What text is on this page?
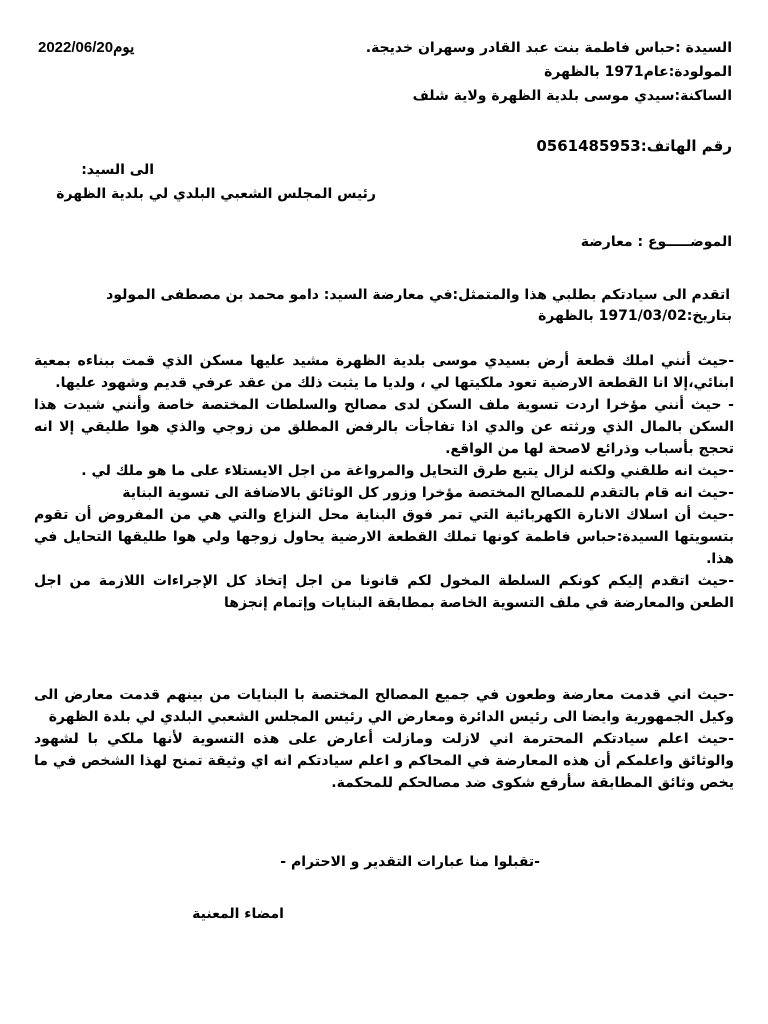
السيدة :حباس فاطمة بنت عبد القادر وسهران خديجة.
2022/06/20يوم
المولودة:عام1971 بالظهرة
الساكنة:سيدي موسى بلدية الظهرة ولاية شلف
رقم الهاتف:0561485953
الى السيد:
رئيس المجلس الشعبي البلدي لي بلدية الظهرة
الموضـــــوع : معارضة
اتقدم الى سيادتكم بطلبي هذا والمتمثل:في معارضة السيد: دامو محمد بن مصطفى المولود
بتاريخ:1971/03/02 بالظهرة

-حيث أنني املك قطعة أرض بسيدي موسى بلدية الظهرة مشيد عليها مسكن الذي قمت ببناءه بمعية ابنائي،إلا انا القطعة الارضية تعود ملكيتها لي ، ولديا ما يثبت ذلك من عقد عرفي قديم وشهود عليها.

- حيث أنني مؤخرا اردت تسوية ملف السكن لدى مصالح والسلطات المختصة خاصة وأنني شيدت هذا السكن بالمال الذي ورثته عن والدي اذا تفاجأت بالرفض المطلق من زوجي والذي هوا طليقي إلا انه تحجج بأسباب وذرائع لاصحة لها من الواقع.

-حيث انه طلقني ولكنه لزال يتبع طرق التحايل والمروا‌غة من اجل الايستلاء على ما هو ملك لي .

-حيث انه قام بالتقدم للمصالح المختصة مؤخرا وزور كل الوثائق بالاضافة الى تسوية البناية

-حيث أن اسلاك الانارة الكهربائية التي تمر فوق البناية محل النزاع والتي هي من المفروض أن تقوم بتسويتها السيدة:حباس فاطمة كونها تملك القطعة الارضية يحاول زوجها ولي هوا طليقها التحايل في هذا.

-حيث اتقدم إليكم كونكم السلطة المخول لكم قانونا من اجل إتخاذ كل الإجراءات اللازمة من اجل الطعن والمعارضة في ملف التسوية الخاصة بمطابقة البنايات وإتمام إنجزها

-حيث اني قدمت معارضة وطعون في جميع المصالح المختصة با البنايات من بينهم قدمت معارض الى وكيل الجمهورية وايضا الى رئيس الدائرة ومعارض الي رئيس المجلس الشعبي البلدي لي بلدة الظهرة

-حيث اعلم سيادتكم المحترمة اني لازلت ومازلت أعارض على هذه التسوية لأنها ملكي با لشهود والوثائق واعلمكم أن هذه المعارضة في المحاكم و اعلم سيادتكم انه اي وثيقة تمنح لهذا الشخص في ما يخص وثائق المطابقة سأرفع شكوى ضد مصالحكم للمحكمة.

-تقبلوا منا عبارات التقدير و الاحترام -
امضاء المعنية
